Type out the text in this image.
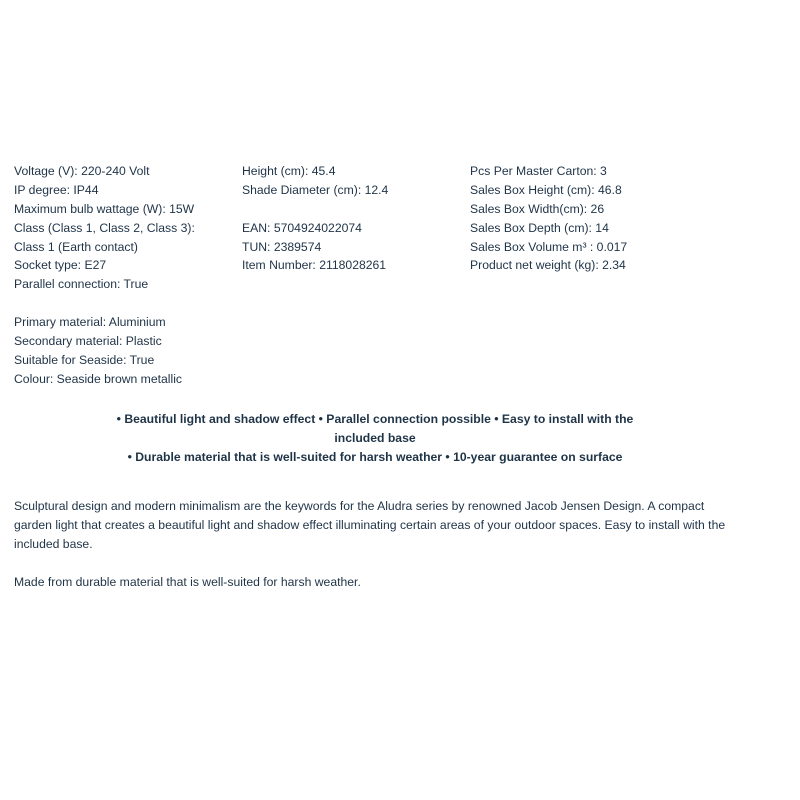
Voltage (V): 220-240 Volt
IP degree: IP44
Maximum bulb wattage (W): 15W
Class (Class 1, Class 2, Class 3):
Class 1 (Earth contact)
Socket type: E27
Parallel connection: True
Primary material: Aluminium
Secondary material: Plastic
Suitable for Seaside: True
Colour: Seaside brown metallic
Height (cm): 45.4
Shade Diameter (cm): 12.4
EAN: 5704924022074
TUN: 2389574
Item Number: 2118028261
Pcs Per Master Carton: 3
Sales Box Height (cm): 46.8
Sales Box Width(cm): 26
Sales Box Depth (cm): 14
Sales Box Volume m³ : 0.017
Product net weight (kg): 2.34
• Beautiful light and shadow effect • Parallel connection possible • Easy to install with the included base
• Durable material that is well-suited for harsh weather • 10-year guarantee on surface

Sculptural design and modern minimalism are the keywords for the Aludra series by renowned Jacob Jensen Design. A compact garden light that creates a beautiful light and shadow effect illuminating certain areas of your outdoor spaces. Easy to install with the included base.

Made from durable material that is well-suited for harsh weather.
